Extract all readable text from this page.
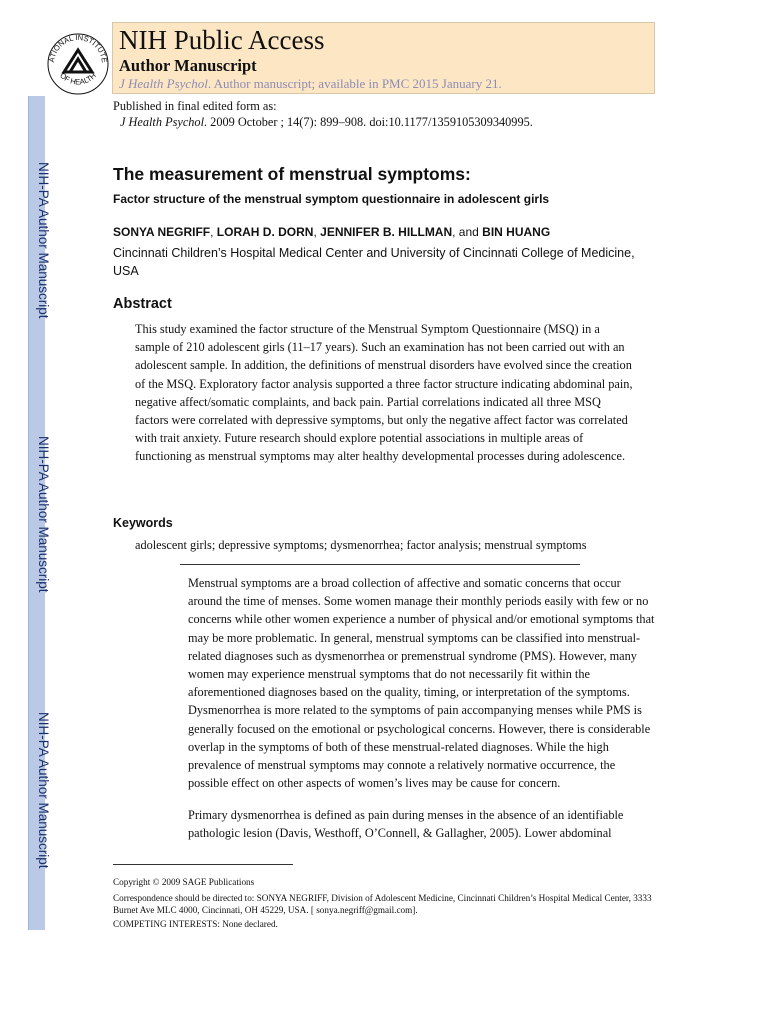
NIH-PA Author Manuscript
NIH-PA Author Manuscript
NIH-PA Author Manuscript
ATIONAL INSTITUTE
OF HEALTH
NIH Public Access
Author Manuscript
J Health Psychol. Author manuscript; available in PMC 2015 January 21.
Published in final edited form as:
J Health Psychol. 2009 October ; 14(7): 899–908. doi:10.1177/1359105309340995.
The measurement of menstrual symptoms:
Factor structure of the menstrual symptom questionnaire in adolescent girls
SONYA NEGRIFF, LORAH D. DORN, JENNIFER B. HILLMAN, and BIN HUANG
Cincinnati Children’s Hospital Medical Center and University of Cincinnati College of Medicine, USA
Abstract
This study examined the factor structure of the Menstrual Symptom Questionnaire (MSQ) in a sample of 210 adolescent girls (11–17 years). Such an examination has not been carried out with an adolescent sample. In addition, the definitions of menstrual disorders have evolved since the creation of the MSQ. Exploratory factor analysis supported a three factor structure indicating abdominal pain, negative affect/somatic complaints, and back pain. Partial correlations indicated all three MSQ factors were correlated with depressive symptoms, but only the negative affect factor was correlated with trait anxiety. Future research should explore potential associations in multiple areas of functioning as menstrual symptoms may alter healthy developmental processes during adolescence.
Keywords
adolescent girls; depressive symptoms; dysmenorrhea; factor analysis; menstrual symptoms
Menstrual symptoms are a broad collection of affective and somatic concerns that occur around the time of menses. Some women manage their monthly periods easily with few or no concerns while other women experience a number of physical and/or emotional symptoms that may be more problematic. In general, menstrual symptoms can be classified into menstrual-related diagnoses such as dysmenorrhea or premenstrual syndrome (PMS). However, many women may experience menstrual symptoms that do not necessarily fit within the aforementioned diagnoses based on the quality, timing, or interpretation of the symptoms. Dysmenorrhea is more related to the symptoms of pain accompanying menses while PMS is generally focused on the emotional or psychological concerns. However, there is considerable overlap in the symptoms of both of these menstrual-related diagnoses. While the high prevalence of menstrual symptoms may connote a relatively normative occurrence, the possible effect on other aspects of women’s lives may be cause for concern.
Primary dysmenorrhea is defined as pain during menses in the absence of an identifiable pathologic lesion (Davis, Westhoff, O’Connell, & Gallagher, 2005). Lower abdominal
Copyright © 2009 SAGE Publications
Correspondence should be directed to: SONYA NEGRIFF, Division of Adolescent Medicine, Cincinnati Children’s Hospital Medical Center, 3333 Burnet Ave MLC 4000, Cincinnati, OH 45229, USA. [ sonya.negriff@gmail.com].
COMPETING INTERESTS: None declared.
